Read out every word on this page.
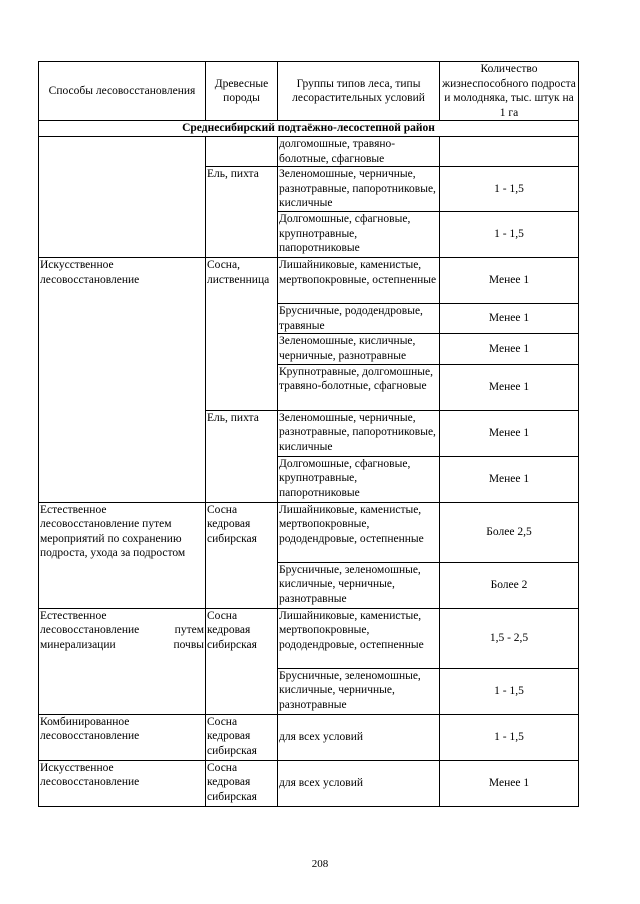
Способы лесовосстановления	Древесные породы	Группы типов леса, типы лесорастительных условий	Количество жизнеспособного подроста и молодняка, тыс. штук на 1 га
Среднесибирский подтаёжно-лесостепной район			
		долгомошные, травяно-болотные, сфагновые	
	Ель, пихта	Зеленомошные, черничные, разнотравные, папоротниковые, кисличные	1 - 1,5
		Долгомошные, сфагновые, крупнотравные, папоротниковые	1 - 1,5
Искусственное лесовосстановление	Сосна, лиственница	Лишайниковые, каменистые, мертвопокровные, остепненные	Менее 1
		Брусничные, рододендровые, травяные	Менее 1
		Зеленомошные, кисличные, черничные, разнотравные	Менее 1
		Крупнотравные, долгомошные, травяно-болотные, сфагновые	Менее 1
	Ель, пихта	Зеленомошные, черничные, разнотравные, папоротниковые, кисличные	Менее 1
		Долгомошные, сфагновые, крупнотравные, папоротниковые	Менее 1
Естественное лесовосстановление путем мероприятий по сохранению подроста, ухода за подростом	Сосна кедровая сибирская	Лишайниковые, каменистые, мертвопокровные, рододендровые, остепненные	Более 2,5
		Брусничные, зеленомошные, кисличные, черничные, разнотравные	Более 2
Естественное лесовосстановление путем минерализации почвы	Сосна кедровая сибирская	Лишайниковые, каменистые, мертвопокровные, рододендровые, остепненные	1,5 - 2,5
		Брусничные, зеленомошные, кисличные, черничные, разнотравные	1 - 1,5
Комбинированное лесовосстановление	Сосна кедровая сибирская	для всех условий	1 - 1,5
Искусственное лесовосстановление	Сосна кедровая сибирская	для всех условий	Менее 1
208
